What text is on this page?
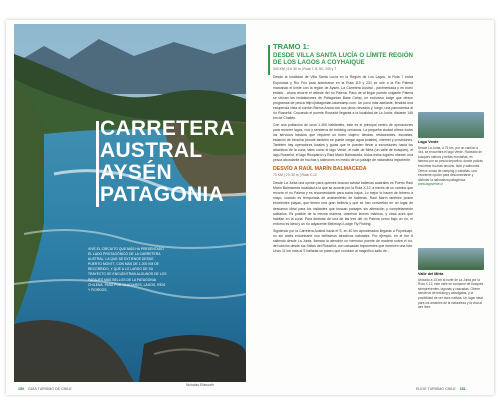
CARRETERA
AUSTRAL
AYSÉN
PATAGONIA
VIVE EL CIRCUITO QUE MÁS HA PRESENTADO EL LADO PROTAGÓNICO DE LA CARRETERA AUSTRAL, LA QUE SE EXTIENDE DESDE PUERTO MONTT, CON MÁS DE 1.200 KM DE RECORRIDO, Y QUE A LO LARGO DE SU TRAYECTO SE ENCUENTRAN ALGUNOS DE LOS PARAJES MÁS BELLOS DE LA PATAGONIA CHILENA. PASA POR GLACIARES, LAGOS, RÍOS Y FIORDOS.
Nicholas Ellsworth
150 GUÍA TURISMO DE CHILE
TRAMO 1:
DESDE VILLA SANTA LUCÍA O LÍMITE REGIÓN DE LOS LAGOS A COYHAIQUE
340 KM | 5 h 30 m | Ruta 7, 8, 5X, 240 y 7

Desde la localidad de Villa Santa Lucía en la Región de Los Lagos, la Ruta 7 entra Espíndola y Río Frío para adentrarse en la Ruta 119 y 231 se une a la Río Palena marcando el límite con la región de Aysén. La Carretera Austral - pavimentada y en buen estado - ahora recorre el vallede del río Palena. Paso de al llegar puente colgante Palena se ubican las instalaciones de Patagonian Base Camp, un exclusivo lodge que ofrece programas de pesca http://patagonian-basecamp.com. Un poco más adelante, tendrás una estupenda vista al cordón Barros Arana con sus picos nevados y, luego, una panorámica al río Rosselot. Cruzando el puente Rosselot llegarás a la localidad de La Junta, distante 146 km de Chaitén.

Con una población de unos 1.300 habitantes, este es el principal centro de operaciones para recorrer lagos, ríos y senderos de trekking cercanos. La pequeña ciudad ofrece todos los servicios básicos que requiere un buen viajero: tiendas, restaurantes, escuelas, estación de bencina (donde también se puede cargar agua potable), internet y provisiones. También hay operadores locales y guías que te pueden llevar a excursiones hacia los atractivos de la zona, tales como el lago Verde, el valle de Mirta (un valle de bosques), el lago Rosselot, el lago Risopatrón y Raúl Marín Balmaceda, todos estos lugares ofrecen una pesca abundante de truchas y salmones en medio de un paisaje de naturaleza imponente.

DESVÍO A RAÚL MARÍN BALMACEDA
73 KM | 2 h 30 m | Ruta X-12

Desde La Junta una opción para quienes buscan avistar ballenas australes es Puerto Raúl Marín Balmaceda localidad a la que se accede por la Ruta X-12, a través de un camino que recorre el río Palena y es recomendable para autos bajos. Lo mejor lo hacen de febrero a mayo, cuando es temporada de avistamiento de ballenas. Raúl Marín también posee excelentes playas, que tienen una gran belleza y que se han convertido en un lugar de descanso ideal para los visitantes que buscan paisajes sin alteración y completamente solitarios. Es posible de la misma manera, observar leones marinos, y otras aves que habitan en la zona. Para disfrutar de una de las tres del río Palena como bajo un río, el entorno es ideal y un río adyacente Melimoyu Lodge Fly Fishing.

Siguiendo por la Carretera Austral hacia el S, en 40 km aproximados llegarás a Puyuhuapi, no sin antes encontrarte con bellísimos atractivos naturales. Por ejemplo, en el Km 8 saliendo desde La Junta, llamará la atención un hermoso puente de madera sobre el río, del camino desde tus Saltos del Rosselot, con cascadas imponentes que merecen una foto. Unos 11 km más al S hallarás un paseo que conduce al magnífico salto de...

Lago Verde
Desde La Junta, a 75 km, por un camino a 4x4, se encuentra el lago Verde. Rodeado de bosques nativos y bellas montañas, es famoso por su pesca deportiva, donde podrás encontrar truchas arcoíris, fario y salmones. Ofrece zonas de camping y cabañas, una excelente opción para desconectarse y disfrutar la naturaleza patagónica.
www.lagoverde.cl
Valle del Mirta
Ubicado a 13 km al norte de La Junta por la Ruta X-12, este valle se compone de bosques siempreverdes, lagunas y cascadas. Ofrece senderos de trekking y cabalgatas, y la posibilidad de ver aves nativas. Un lugar ideal para los amantes de la naturaleza y la vida al aire libre.
ELIGE TURISMO CHILE 151
